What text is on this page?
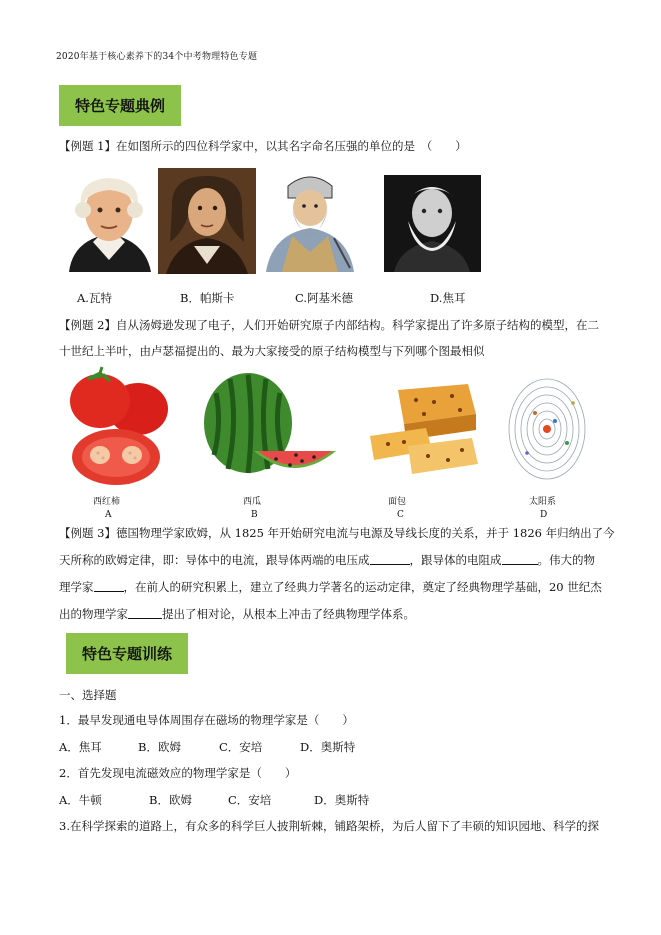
2020年基于核心素养下的34个中考物理特色专题
特色专题典例
【例题 1】在如图所示的四位科学家中，以其名字命名压强的单位的是　 （　　）
A.瓦特	B．帕斯卡	C.阿基米德	D.焦耳
【例题 2】自从汤姆逊发现了电子，人们开始研究原子内部结构。科学家提出了许多原子结构的模型，在二
十世纪上半叶，由卢瑟福提出的、最为大家接受的原子结构模型与下列哪个图最相似
西红柿	西瓜	面包	太阳系
A	B	C	D
【例题 3】德国物理学家欧姆，从 1825 年开始研究电流与电源及导线长度的关系，并于 1826 年归纳出了今
天所称的欧姆定律，即：导体中的电流，跟导体两端的电压成	，跟导体的电阻成	。伟大的物
理学家	，在前人的研究积累上，建立了经典力学著名的运动定律，奠定了经典物理学基础，20 世纪杰
出的物理学家	提出了相对论，从根本上冲击了经典物理学体系。
特色专题训练
一、选择题
1．最早发现通电导体周围存在磁场的物理学家是（　　）
A．焦耳	B．欧姆	C．安培	D．奥斯特
2．首先发现电流磁效应的物理学家是（　　）
A．牛顿	B．欧姆	C．安培	D．奥斯特
3.在科学探索的道路上，有众多的科学巨人披荆斩棘，铺路架桥，为后人留下了丰硕的知识园地、科学的探
